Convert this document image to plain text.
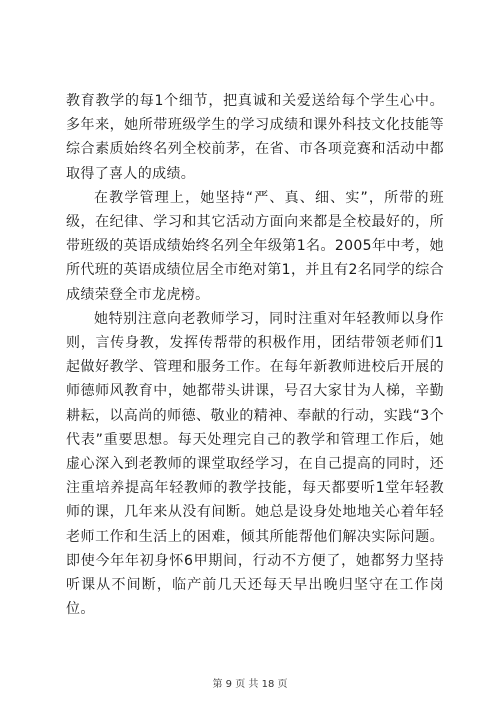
教育教学的每1个细节，把真诚和关爱送给每个学生心中。多年来，她所带班级学生的学习成绩和课外科技文化技能等综合素质始终名列全校前茅，在省、市各项竞赛和活动中都取得了喜人的成绩。

在教学管理上，她坚持“严、真、细、实”，所带的班级，在纪律、学习和其它活动方面向来都是全校最好的，所带班级的英语成绩始终名列全年级第1名。2005年中考，她所代班的英语成绩位居全市绝对第1，并且有2名同学的综合成绩荣登全市龙虎榜。

她特别注意向老教师学习，同时注重对年轻教师以身作则，言传身教，发挥传帮带的积极作用，团结带领老师们1起做好教学、管理和服务工作。在每年新教师进校后开展的师德师风教育中，她都带头讲课，号召大家甘为人梯，辛勤耕耘，以高尚的师德、敬业的精神、奉献的行动，实践“3个代表”重要思想。每天处理完自己的教学和管理工作后，她虚心深入到老教师的课堂取经学习，在自己提高的同时，还注重培养提高年轻教师的教学技能，每天都要听1堂年轻教师的课，几年来从没有间断。她总是设身处地地关心着年轻老师工作和生活上的困难，倾其所能帮他们解决实际问题。即使今年年初身怀6甲期间，行动不方便了，她都努力坚持听课从不间断，临产前几天还每天早出晚归坚守在工作岗位。

第 9 页 共 18 页
